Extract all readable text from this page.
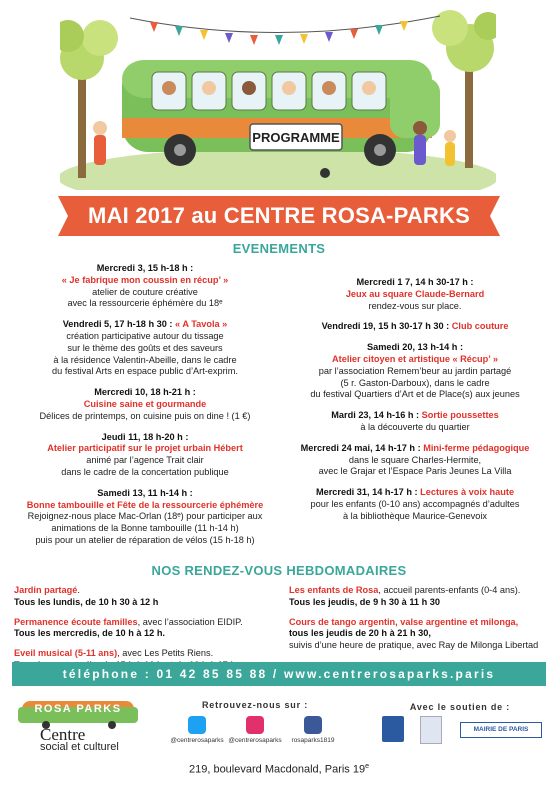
PROGRAMME
MAI 2017 au CENTRE ROSA-PARKS
EVENEMENTS
Mercredi 3, 15 h-18 h :
« Je fabrique mon coussin en récup’ »
atelier de couture créative
avec la ressourcerie éphémère du 18ᵉ
Vendredi 5, 17 h-18 h 30 : « A Tavola »
création participative autour du tissage
sur le thème des goûts et des saveurs
à la résidence Valentin-Abeille, dans le cadre
du festival Arts en espace public d’Art-exprim.
Mercredi 10, 18 h-21 h :
Cuisine saine et gourmande
Délices de printemps, on cuisine puis on dine ! (1 €)
Jeudi 11, 18 h-20 h :
Atelier participatif sur le projet urbain Hébert
animé par l’agence Trait clair
dans le cadre de la concertation publique
Samedi 13, 11 h-14 h :
Bonne tambouille et Fête de la ressourcerie éphémère
Rejoignez-nous place Mac-Orlan (18ᵉ) pour participer aux
animations de la Bonne tambouille (11 h-14 h)
puis pour un atelier de réparation de vélos (15 h-18 h)
Mercredi 1 7, 14 h 30-17 h :
Jeux au square Claude-Bernard
rendez-vous sur place.
Vendredi 19, 15 h 30-17 h 30 : Club couture
Samedi 20, 13 h-14 h :
Atelier citoyen et artistique « Récup’ »
par l’association Remem’beur au jardin partagé
(5 r. Gaston-Darboux), dans le cadre
du festival Quartiers d’Art et de Place(s) aux jeunes
Mardi 23, 14 h-16 h : Sortie poussettes
à la découverte du quartier
Mercredi 24 mai, 14 h-17 h : Mini-ferme pédagogique
dans le square Charles-Hermite,
avec le Grajar et l’Espace Paris Jeunes La Villa
Mercredi 31, 14 h-17 h : Lectures à voix haute
pour les enfants (0-10 ans) accompagnés d’adultes
à la bibliothèque Maurice-Genevoix
NOS RENDEZ-VOUS HEBDOMADAIRES
Jardin partagé.
Tous les lundis, de 10 h 30 à 12 h
Permanence écoute familles, avec l’association EIDIP.
Tous les mercredis, de 10 h à 12 h.
Eveil musical (5-11 ans), avec Les Petits Riens.
Les enfants de Rosa, accueil parents-enfants (0-4 ans).
Tous les jeudis, de 9 h 30 à 11 h 30
Cours de tango argentin, valse argentine et milonga,
tous les jeudis de 20 h à 21 h 30,
suivis d’une heure de pratique, avec Ray de Milonga Libertad
téléphone : 01 42 85 85 88 / www.centrerosaparks.paris
ROSA PARKS
Centre
social et culturel
Retrouvez-nous sur :
@centrerosaparks @centrerosaparks	rosaparks1819
Avec le soutien de :
MAIRIE DE PARIS
219, boulevard Macdonald, Paris 19e
